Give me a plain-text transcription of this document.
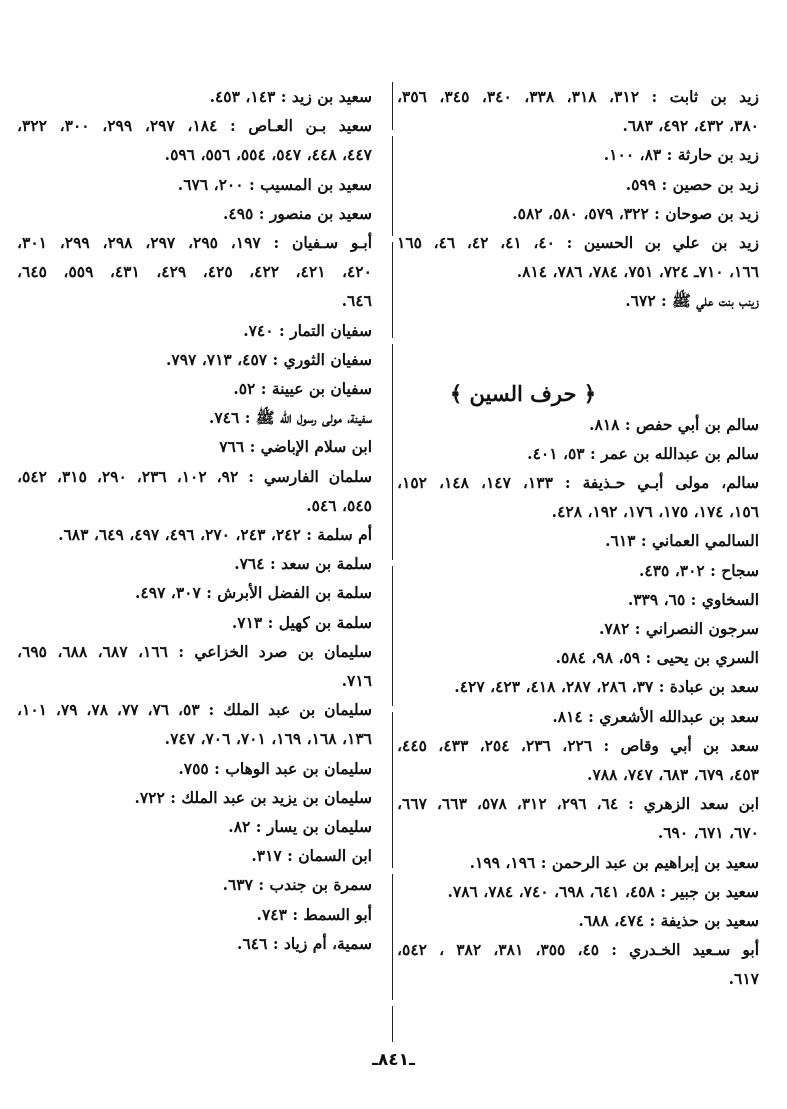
زيد بن ثابت : ٣١٢، ٣١٨، ٣٣٨، ٣٤٠، ٣٤٥، ٣٥٦،
٣٨٠، ٤٣٢، ٤٩٢، ٦٨٣.
زيد بن حارثة : ٨٣، ١٠٠.
زيد بن حصين : ٥٩٩.
زيد بن صوحان : ٣٢٢، ٥٧٩، ٥٨٠، ٥٨٢.
زيد بن علي بن الحسين : ٤٠، ٤١، ٤٢، ٤٦، ١٦٥
١٦٦، ٧١٠ـ ٧٢٤، ٧٥١، ٧٨٤، ٧٨٦، ٨١٤.
زينب بنت علي ﷺ : ٦٧٢.
﴿ حرف السين ﴾
سالم بن أبي حفص : ٨١٨.
سالم بن عبدالله بن عمر : ٥٣، ٤٠١.
سالم، مولى أبـي حـذيفة : ١٣٣، ١٤٧، ١٤٨، ١٥٢،
١٥٦، ١٧٤، ١٧٥، ١٧٦، ١٩٢، ٤٢٨.
السالمي العماني : ٦١٣.
سجاح : ٣٠٢، ٤٣٥.
السخاوي : ٦٥، ٣٣٩.
سرجون النصراني : ٧٨٢.
السري بن يحيى : ٥٩، ٩٨، ٥٨٤.
سعد بن عبادة : ٣٧، ٢٨٦، ٢٨٧، ٤١٨، ٤٢٣، ٤٢٧.
سعد بن عبدالله الأشعري : ٨١٤.
سعد بن أبي وقاص : ٢٢٦، ٢٣٦، ٢٥٤، ٤٣٣، ٤٤٥،
٤٥٣، ٦٧٩، ٦٨٣، ٧٤٧، ٧٨٨.
ابن سعد الزهري : ٦٤، ٢٩٦، ٣١٢، ٥٧٨، ٦٦٣، ٦٦٧،
٦٧٠، ٦٧١، ٦٩٠.
سعيد بن إبراهيم بن عبد الرحمن : ١٩٦، ١٩٩.
سعيد بن جبير : ٤٥٨، ٦٤١، ٦٩٨، ٧٤٠، ٧٨٤، ٧٨٦.
سعيد بن حذيفة : ٤٧٤، ٦٨٨.
أبو سـعيد الخـدري : ٤٥، ٣٥٥، ٣٨١، ٣٨٢ ، ٥٤٢،
٦١٧.
سعيد بن زيد : ١٤٣، ٤٥٣.
سعيد بـن العـاص : ١٨٤، ٢٩٧، ٢٩٩، ٣٠٠، ٣٢٢،
٤٤٧، ٤٤٨، ٥٤٧، ٥٥٤، ٥٥٦، ٥٩٦.
سعيد بن المسيب : ٢٠٠، ٦٧٦.
سعيد بن منصور : ٤٩٥.
أبـو سـفيان : ١٩٧، ٢٩٥، ٢٩٧، ٢٩٨، ٢٩٩، ٣٠١،
٤٢٠، ٤٢١، ٤٢٢، ٤٢٥، ٤٢٩، ٤٣١، ٥٥٩، ٦٤٥،
٦٤٦.
سفيان التمار : ٧٤٠.
سفيان الثوري : ٤٥٧، ٧١٣، ٧٩٧.
سفيان بن عيينة : ٥٢.
سفينة، مولى رسول الله ﷺ : ٧٤٦.
ابن سلام الإباضي : ٧٦٦
سلمان الفارسي : ٩٢، ١٠٢، ٢٣٦، ٢٩٠، ٣١٥، ٥٤٢،
٥٤٥، ٥٤٦.
أم سلمة : ٢٤٢، ٢٤٣، ٢٧٠، ٤٩٦، ٤٩٧، ٦٤٩، ٦٨٣.
سلمة بن سعد : ٧٦٤.
سلمة بن الفضل الأبرش : ٣٠٧، ٤٩٧.
سلمة بن كهيل : ٧١٣.
سليمان بن صرد الخزاعي : ١٦٦، ٦٨٧، ٦٨٨، ٦٩٥،
٧١٦.
سليمان بن عبد الملك : ٥٣، ٧٦، ٧٧، ٧٨، ٧٩، ١٠١،
١٣٦، ١٦٨، ١٦٩، ٧٠١، ٧٠٦، ٧٤٧.
سليمان بن عبد الوهاب : ٧٥٥.
سليمان بن يزيد بن عبد الملك : ٧٢٢.
سليمان بن يسار : ٨٢.
ابن السمان : ٣١٧.
سمرة بن جندب : ٦٣٧.
أبو السمط : ٧٤٣.
سمية، أم زياد : ٦٤٦.
ـ٨٤١ـ
